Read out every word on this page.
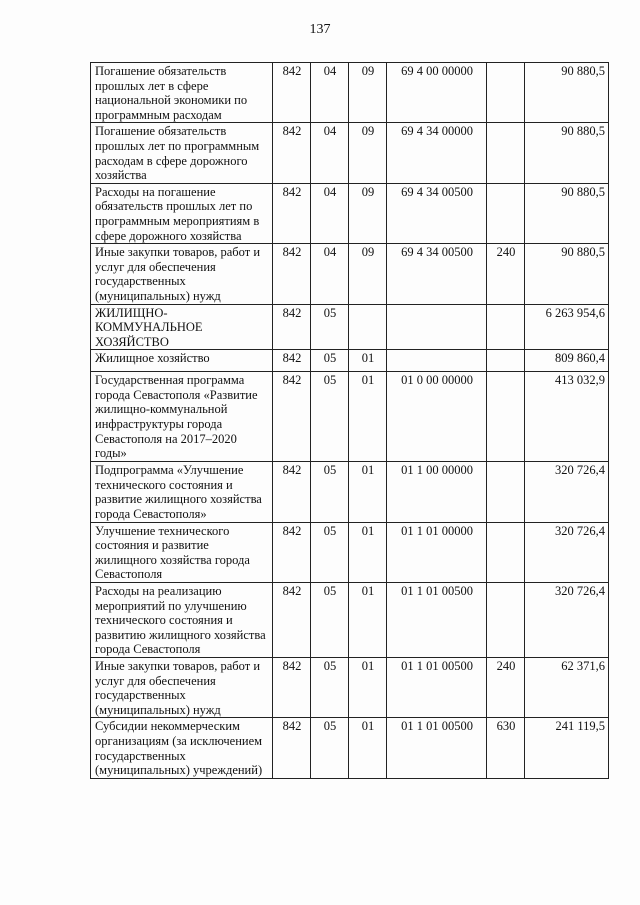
137
Погашение обязательств прошлых лет в сфере национальной экономики по программным расходам	842	04	09	69 4 00 00000		90 880,5
Погашение обязательств прошлых лет по программным расходам в сфере дорожного хозяйства	842	04	09	69 4 34 00000		90 880,5
Расходы на погашение обязательств прошлых лет по программным мероприятиям в сфере дорожного хозяйства	842	04	09	69 4 34 00500		90 880,5
Иные закупки товаров, работ и услуг для обеспечения государственных (муниципальных) нужд	842	04	09	69 4 34 00500	240	90 880,5
ЖИЛИЩНО-КОММУНАЛЬНОЕ ХОЗЯЙСТВО	842	05				6 263 954,6
Жилищное хозяйство	842	05	01			809 860,4
Государственная программа города Севастополя «Развитие жилищно-коммунальной инфраструктуры города Севастополя на 2017–2020 годы»	842	05	01	01 0 00 00000		413 032,9
Подпрограмма «Улучшение технического состояния и развитие жилищного хозяйства города Севастополя»	842	05	01	01 1 00 00000		320 726,4
Улучшение технического состояния и развитие жилищного хозяйства города Севастополя	842	05	01	01 1 01 00000		320 726,4
Расходы на реализацию мероприятий по улучшению технического состояния и развитию жилищного хозяйства города Севастополя	842	05	01	01 1 01 00500		320 726,4
Иные закупки товаров, работ и услуг для обеспечения государственных (муниципальных) нужд	842	05	01	01 1 01 00500	240	62 371,6
Субсидии некоммерческим организациям (за исключением государственных (муниципальных) учреждений)	842	05	01	01 1 01 00500	630	241 119,5
